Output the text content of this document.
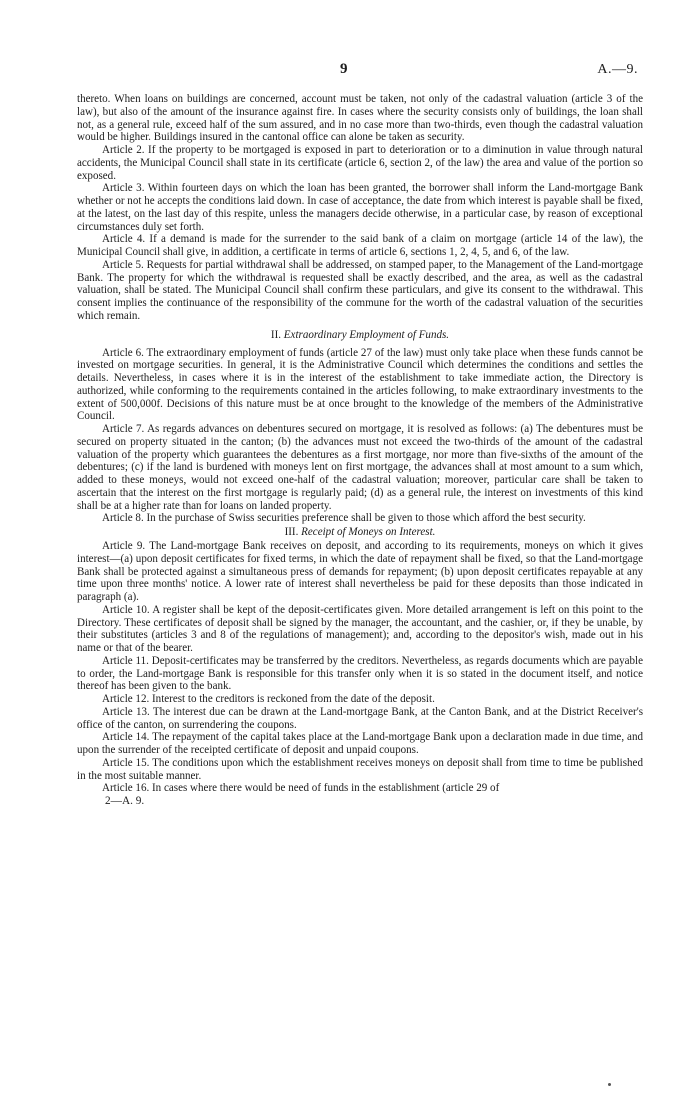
9	A.—9.

thereto. When loans on buildings are concerned, account must be taken, not only of the cadastral valuation (article 3 of the law), but also of the amount of the insurance against fire. In cases where the security consists only of buildings, the loan shall not, as a general rule, exceed half of the sum assured, and in no case more than two-thirds, even though the cadastral valuation would be higher. Buildings insured in the cantonal office can alone be taken as security.

Article 2. If the property to be mortgaged is exposed in part to deterioration or to a diminution in value through natural accidents, the Municipal Council shall state in its certificate (article 6, section 2, of the law) the area and value of the portion so exposed.

Article 3. Within fourteen days on which the loan has been granted, the borrower shall inform the Land-mortgage Bank whether or not he accepts the conditions laid down. In case of acceptance, the date from which interest is payable shall be fixed, at the latest, on the last day of this respite, unless the managers decide otherwise, in a particular case, by reason of exceptional circumstances duly set forth.

Article 4. If a demand is made for the surrender to the said bank of a claim on mortgage (article 14 of the law), the Municipal Council shall give, in addition, a certificate in terms of article 6, sections 1, 2, 4, 5, and 6, of the law.

Article 5. Requests for partial withdrawal shall be addressed, on stamped paper, to the Management of the Land-mortgage Bank. The property for which the withdrawal is requested shall be exactly described, and the area, as well as the cadastral valuation, shall be stated. The Municipal Council shall confirm these particulars, and give its consent to the withdrawal. This consent implies the continuance of the responsibility of the commune for the worth of the cadastral valuation of the securities which remain.

II. Extraordinary Employment of Funds.

Article 6. The extraordinary employment of funds (article 27 of the law) must only take place when these funds cannot be invested on mortgage securities. In general, it is the Administrative Council which determines the conditions and settles the details. Nevertheless, in cases where it is in the interest of the establishment to take immediate action, the Directory is authorized, while conforming to the requirements contained in the articles following, to make extraordinary investments to the extent of 500,000f. Decisions of this nature must be at once brought to the knowledge of the members of the Administrative Council.

Article 7. As regards advances on debentures secured on mortgage, it is resolved as follows: (a) The debentures must be secured on property situated in the canton; (b) the advances must not exceed the two-thirds of the amount of the cadastral valuation of the property which guarantees the debentures as a first mortgage, nor more than five-sixths of the amount of the debentures; (c) if the land is burdened with moneys lent on first mortgage, the advances shall at most amount to a sum which, added to these moneys, would not exceed one-half of the cadastral valuation; moreover, particular care shall be taken to ascertain that the interest on the first mortgage is regularly paid; (d) as a general rule, the interest on investments of this kind shall be at a higher rate than for loans on landed property.

Article 8. In the purchase of Swiss securities preference shall be given to those which afford the best security.

III. Receipt of Moneys on Interest.

Article 9. The Land-mortgage Bank receives on deposit, and according to its requirements, moneys on which it gives interest—(a) upon deposit certificates for fixed terms, in which the date of repayment shall be fixed, so that the Land-mortgage Bank shall be protected against a simultaneous press of demands for repayment; (b) upon deposit certificates repayable at any time upon three months' notice. A lower rate of interest shall nevertheless be paid for these deposits than those indicated in paragraph (a).

Article 10. A register shall be kept of the deposit-certificates given. More detailed arrangement is left on this point to the Directory. These certificates of deposit shall be signed by the manager, the accountant, and the cashier, or, if they be unable, by their substitutes (articles 3 and 8 of the regulations of management); and, according to the depositor's wish, made out in his name or that of the bearer.

Article 11. Deposit-certificates may be transferred by the creditors. Nevertheless, as regards documents which are payable to order, the Land-mortgage Bank is responsible for this transfer only when it is so stated in the document itself, and notice thereof has been given to the bank.

Article 12. Interest to the creditors is reckoned from the date of the deposit.

Article 13. The interest due can be drawn at the Land-mortgage Bank, at the Canton Bank, and at the District Receiver's office of the canton, on surrendering the coupons.

Article 14. The repayment of the capital takes place at the Land-mortgage Bank upon a declaration made in due time, and upon the surrender of the receipted certificate of deposit and unpaid coupons.

Article 15. The conditions upon which the establishment receives moneys on deposit shall from time to time be published in the most suitable manner.

Article 16. In cases where there would be need of funds in the establishment (article 29 of

2—A. 9.
